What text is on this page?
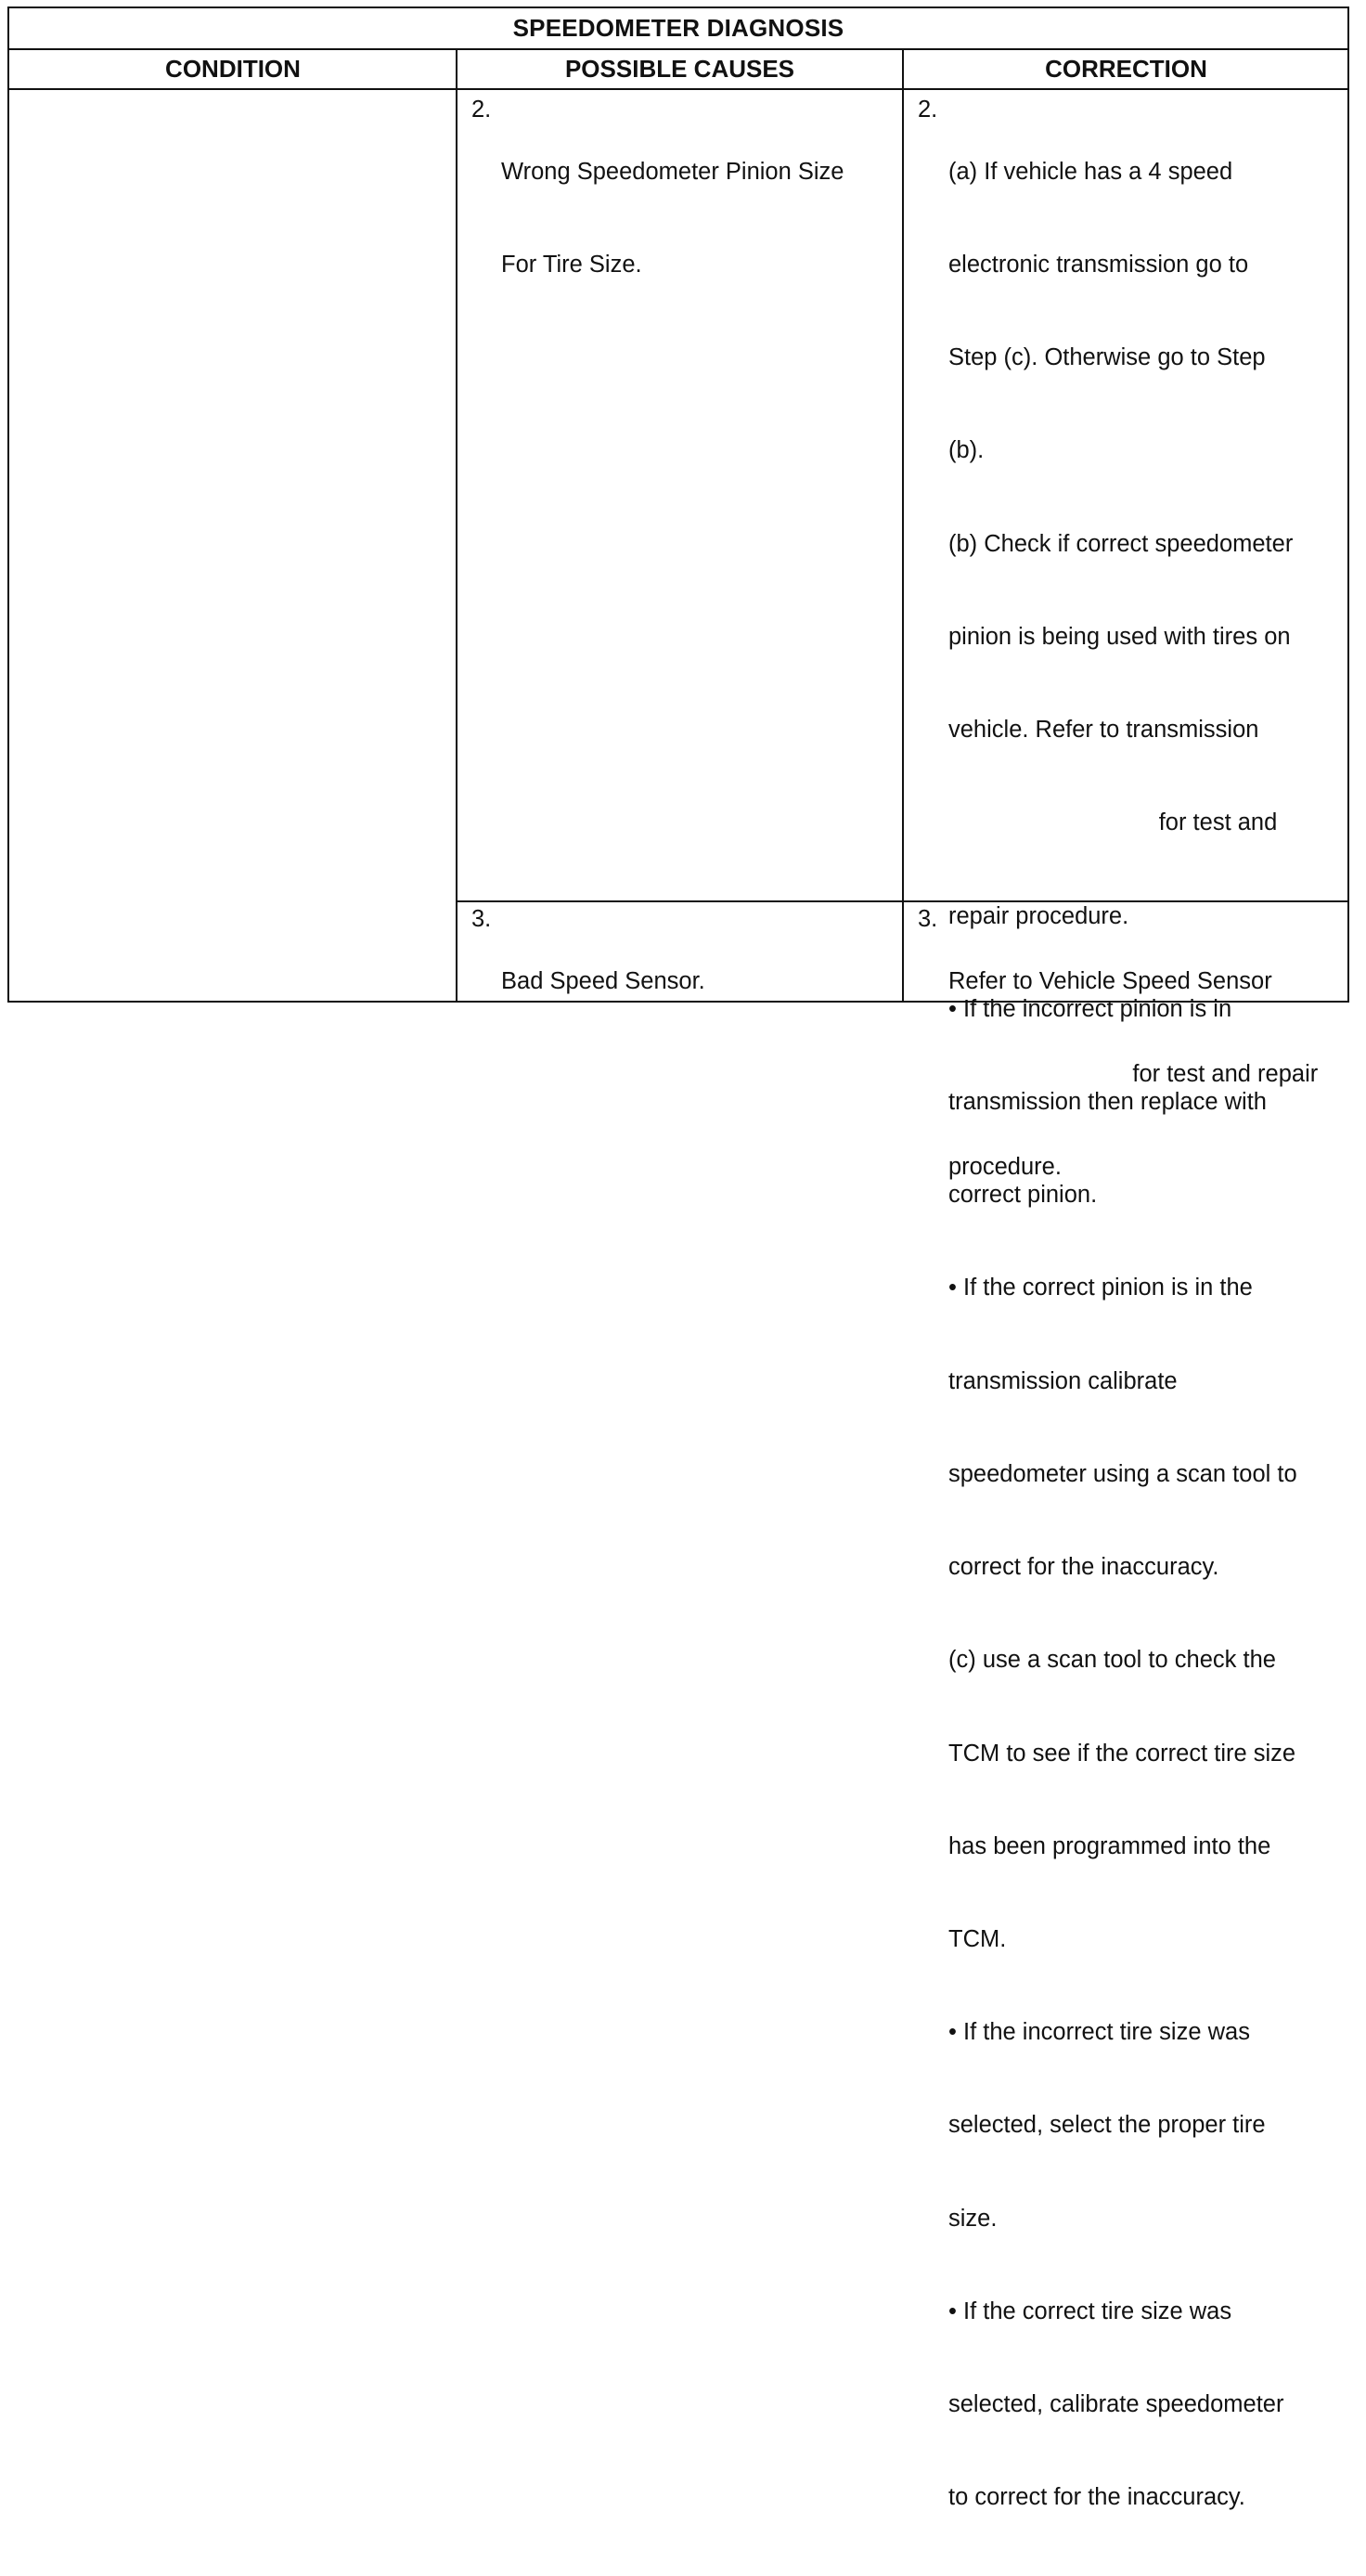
SPEEDOMETER DIAGNOSIS
CONDITION	POSSIBLE CAUSES	CORRECTION
2.

Wrong Speedometer Pinion Size

For Tire Size.

2.

(a) If vehicle has a 4 speed

electronic transmission go to

Step (c). Otherwise go to Step

(b).

(b) Check if correct speedometer

pinion is being used with tires on

vehicle. Refer to transmission

for test and

repair procedure.

• If the incorrect pinion is in

transmission then replace with

correct pinion.

• If the correct pinion is in the

transmission calibrate

speedometer using a scan tool to

correct for the inaccuracy.

(c) use a scan tool to check the

TCM to see if the correct tire size

has been programmed into the

TCM.

• If the incorrect tire size was

selected, select the proper tire

size.

• If the correct tire size was

selected, calibrate speedometer

to correct for the inaccuracy.

3.

Bad Speed Sensor.

3.

Refer to Vehicle Speed Sensor

for test and repair

procedure.
